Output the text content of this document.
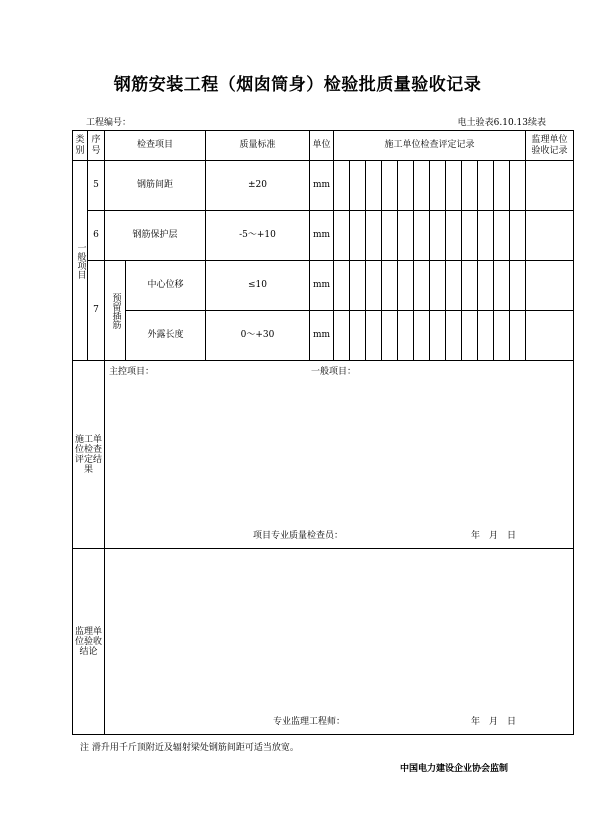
钢筋安装工程（烟囱筒身）检验批质量验收记录
工程编号：	电土验表6.10.13续表
类别	序号	检查项目		质量标准	单位	施工单位检查评定记录												监理单位验收记录

一般项目	5	钢筋间距		±20	mm													
	6	钢筋保护层		-5～+10	mm													
	7	预留插筋	中心位移	≤10	mm													
			外露长度	0～+30	mm													

施工单位检查评定结果		主控项目： 一般项目：
项目专业质量检查员： 年　月　日																

监理单位验收结论		专业监理工程师： 年　月　日																
注 滑升用千斤顶附近及辐射梁处钢筋间距可适当放宽。
中国电力建设企业协会监制
